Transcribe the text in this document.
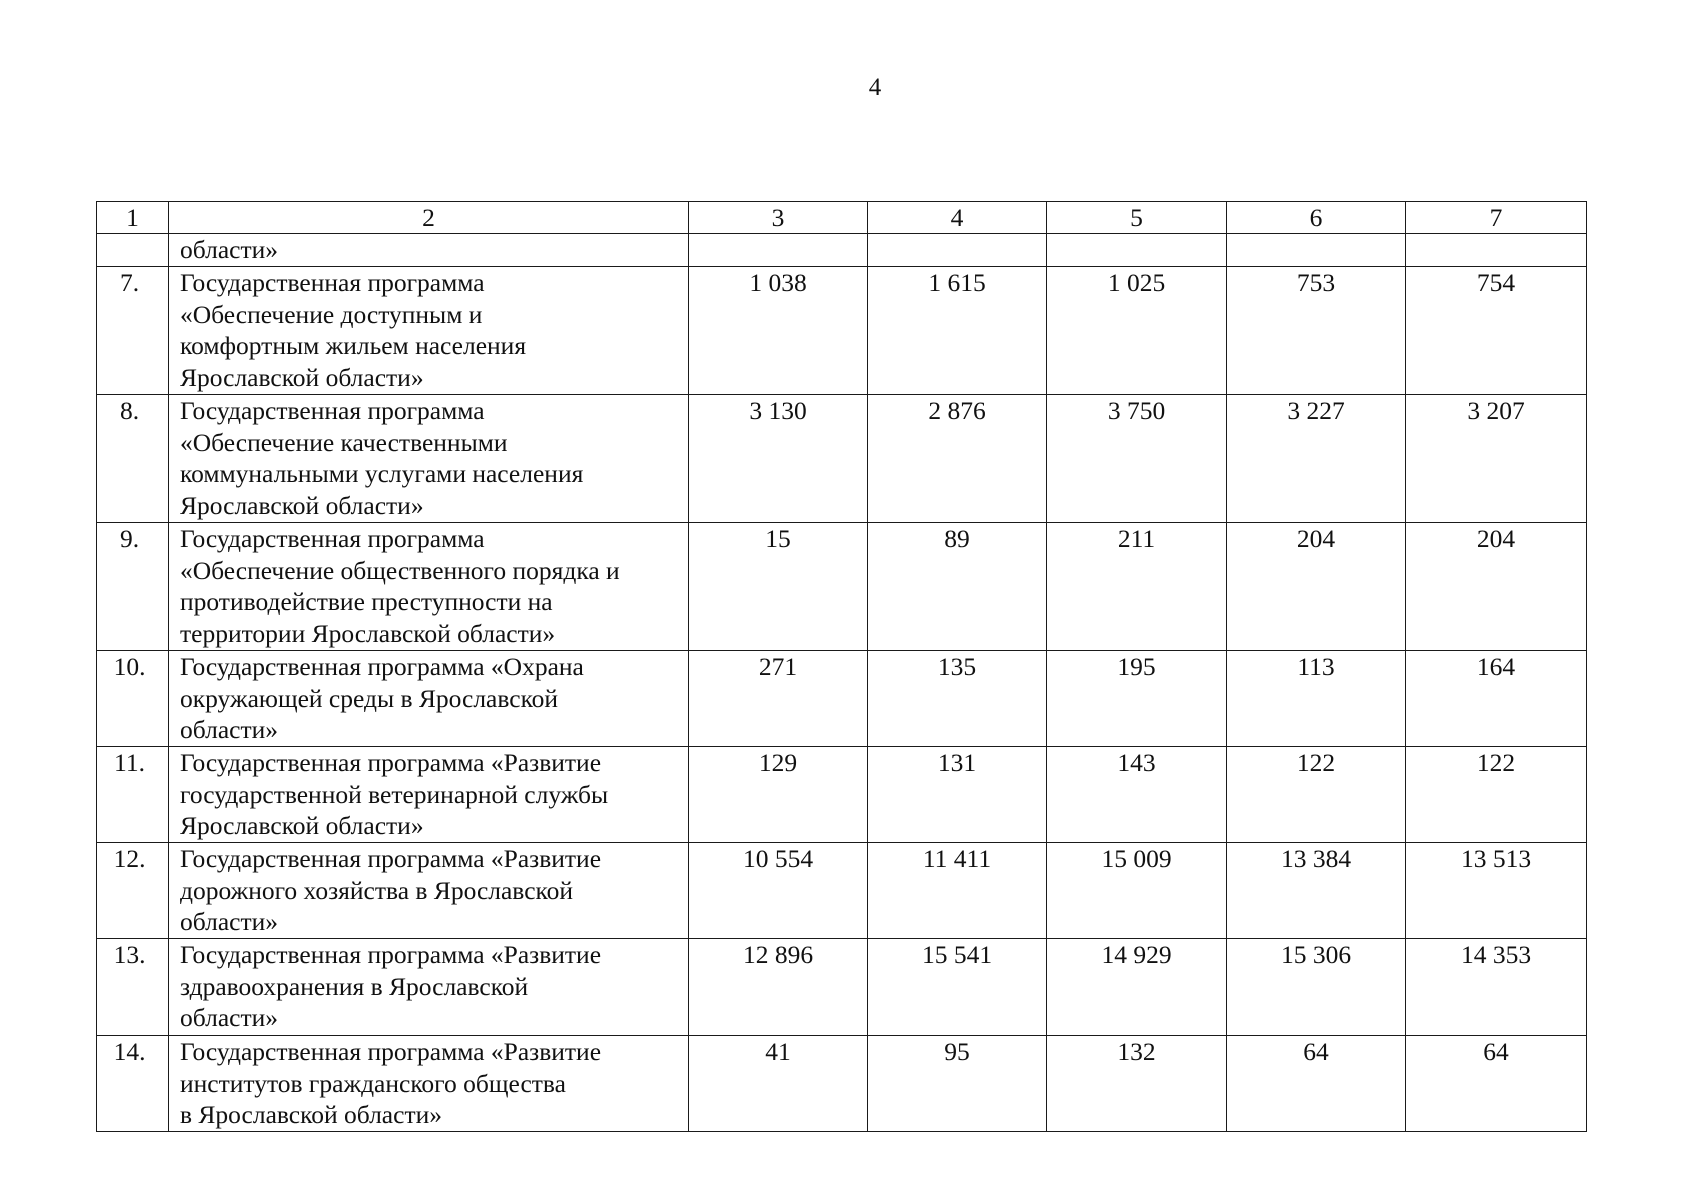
4
1	2	3	4	5	6	7
	области»					
7.	Государственная программа
«Обеспечение доступным и
комфортным жильем населения
Ярославской области»	1 038	1 615	1 025	753	754
8.	Государственная программа
«Обеспечение качественными
коммунальными услугами населения
Ярославской области»	3 130	2 876	3 750	3 227	3 207
9.	Государственная программа
«Обеспечение общественного порядка и
противодействие преступности на
территории Ярославской области»	15	89	211	204	204
10.	Государственная программа «Охрана
окружающей среды в Ярославской
области»	271	135	195	113	164
11.	Государственная программа «Развитие
государственной ветеринарной службы
Ярославской области»	129	131	143	122	122
12.	Государственная программа «Развитие
дорожного хозяйства в Ярославской
области»	10 554	11 411	15 009	13 384	13 513
13.	Государственная программа «Развитие
здравоохранения в Ярославской
области»	12 896	15 541	14 929	15 306	14 353
14.	Государственная программа «Развитие
институтов гражданского общества
в Ярославской области»	41	95	132	64	64
